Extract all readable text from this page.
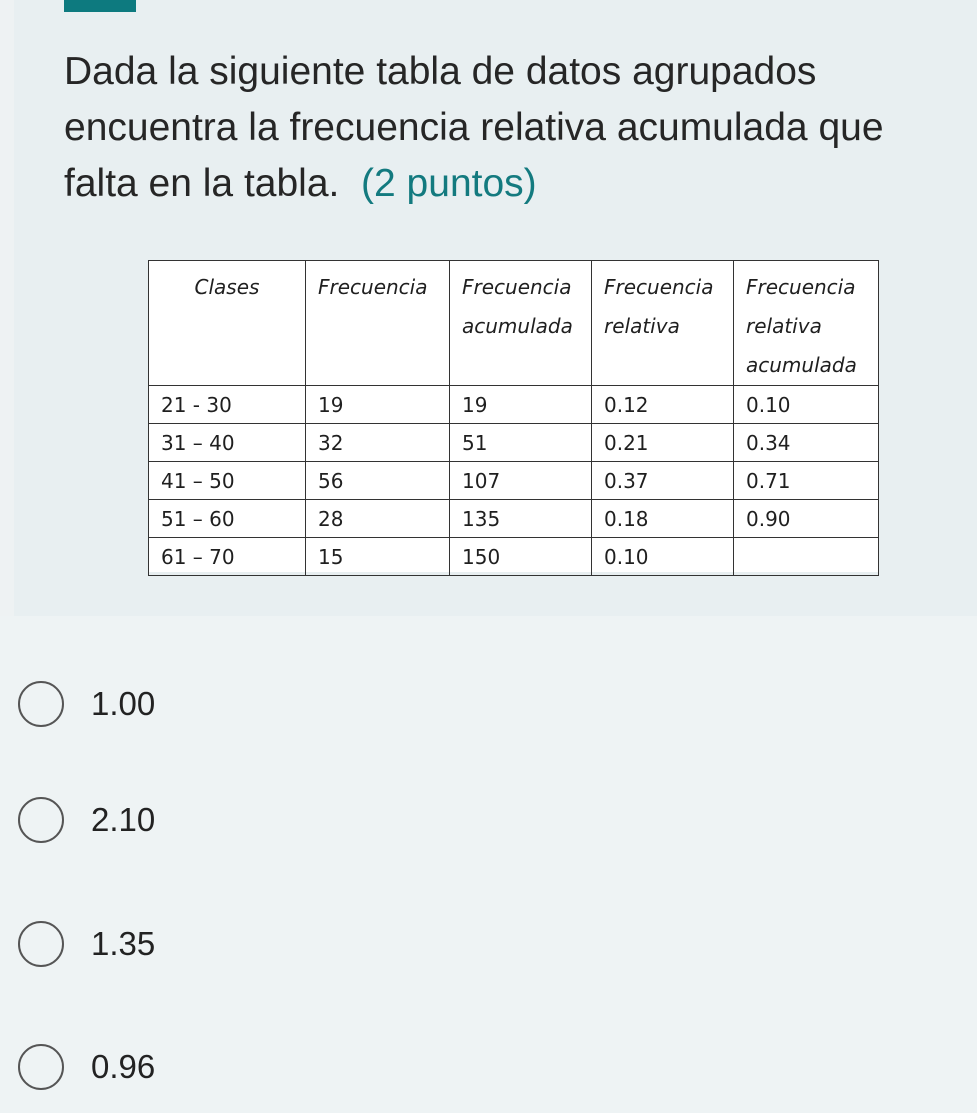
Dada la siguiente tabla de datos agrupados encuentra la frecuencia relativa acumulada que falta en la tabla. (2 puntos)
Clases	Frecuencia	Frecuencia acumulada	Frecuencia relativa	Frecuencia relativa acumulada
21 - 30	19	19	0.12	0.10
31 – 40	32	51	0.21	0.34
41 – 50	56	107	0.37	0.71
51 – 60	28	135	0.18	0.90
61 – 70	15	150	0.10	
1.00
2.10
1.35
0.96
